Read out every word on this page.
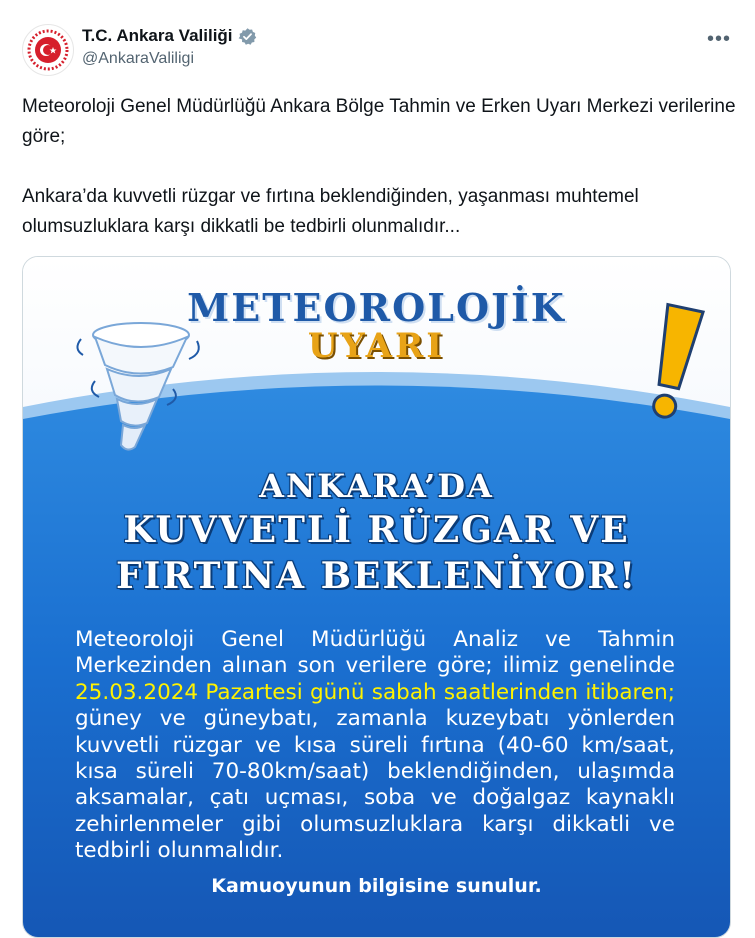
T.C. Ankara Valiliği
@AnkaraValiligi
•••

Meteoroloji Genel Müdürlüğü Ankara Bölge Tahmin ve Erken Uyarı Merkezi verilerine göre;

Ankara’da kuvvetli rüzgar ve fırtına beklendiğinden, yaşanması muhtemel olumsuzluklara karşı dikkatli be tedbirli olunmalıdır...

METEOROLOJİK
UYARI
ANKARA’DA
KUVVETLİ RÜZGAR VE
FIRTINA BEKLENİYOR!
Meteoroloji Genel Müdürlüğü Analiz ve Tahmin Merkezinden alınan son verilere göre; ilimiz genelinde 25.03.2024 Pazartesi günü sabah saatlerinden itibaren; güney ve güneybatı, zamanla kuzeybatı yönlerden kuvvetli rüzgar ve kısa süreli fırtına (40-60 km/saat, kısa süreli 70-80km/saat) beklendiğinden, ulaşımda aksamalar, çatı uçması, soba ve doğalgaz kaynaklı zehirlenmeler gibi olumsuzluklara karşı dikkatli ve tedbirli olunmalıdır.
Kamuoyunun bilgisine sunulur.
